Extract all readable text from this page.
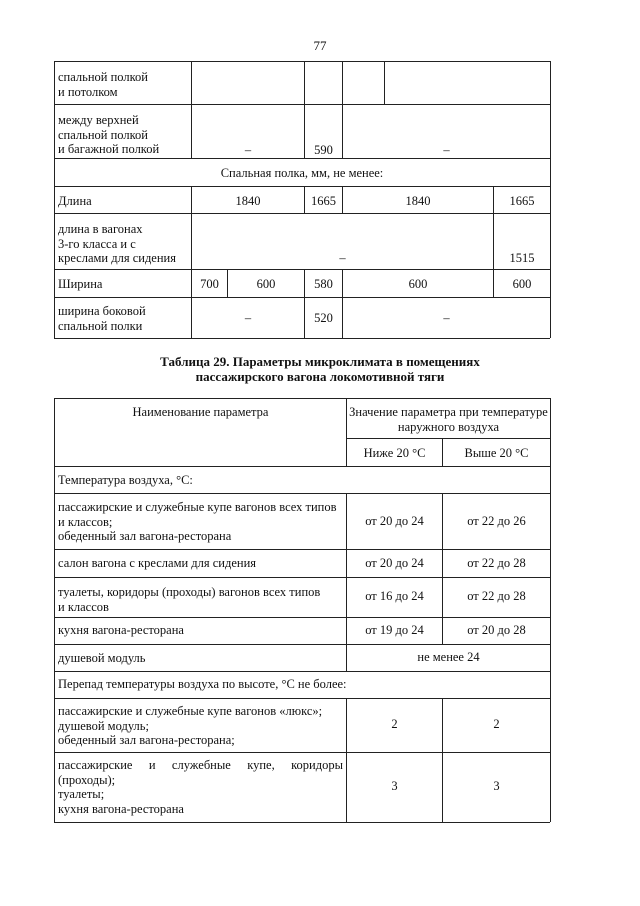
77
спальной полкой
и потолком
между верхней
спальной полкой
и багажной полкой	–	590	–
Спальная полка, мм, не менее:
Длина	1840	1665	1840	1665
длина в вагонах
3-го класса и с
креслами для сидения	–	1515
Ширина	700	600	580	600	600
ширина боковой
спальной полки
–	520	–
Таблица 29. Параметры микроклимата в помещениях
пассажирского вагона локомотивной тяги
Наименование параметра	Значение параметра при температуре
наружного воздуха
Ниже 20 °С	Выше 20 °С
Температура воздуха, °С:
пассажирские и служебные купе вагонов всех типов
и классов;
обеденный зал вагона-ресторана
от 20 до 24	от 22 до 26
салон вагона с креслами для сидения	от 20 до 24	от 22 до 28
туалеты, коридоры (проходы) вагонов всех типов
и классов
от 16 до 24	от 22 до 28
кухня вагона-ресторана	от 19 до 24	от 20 до 28
душевой модуль	не менее 24
Перепад температуры воздуха по высоте, °С не более:
пассажирские и служебные купе вагонов «люкс»;
душевой модуль;
обеденный зал вагона-ресторана;
2	2
пассажирские и служебные купе, коридоры
(проходы);
туалеты;
кухня вагона-ресторана
3	3
